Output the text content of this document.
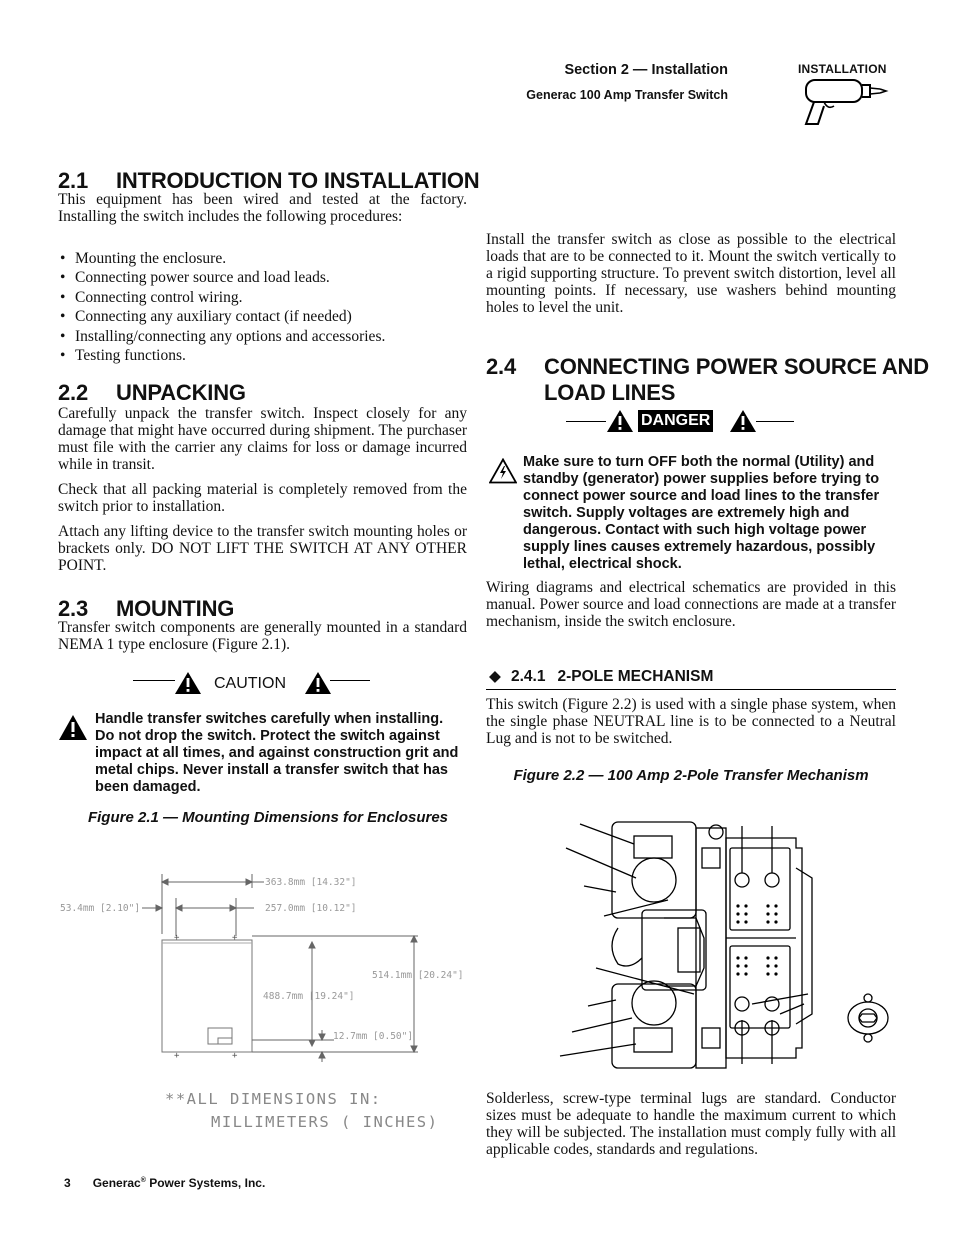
Section 2 — Installation
Generac 100 Amp Transfer Switch
INSTALLATION
2.1 INTRODUCTION TO INSTALLATION
This equipment has been wired and tested at the factory. Installing the switch includes the following procedures:
• Mounting the enclosure.
• Connecting power source and load leads.
• Connecting control wiring.
• Connecting any auxiliary contact (if needed)
• Installing/connecting any options and accessories.
• Testing functions.
2.2 UNPACKING
Carefully unpack the transfer switch. Inspect closely for any damage that might have occurred during shipment. The purchaser must file with the carrier any claims for loss or damage incurred while in transit.
Check that all packing material is completely removed from the switch prior to installation.
Attach any lifting device to the transfer switch mounting holes or brackets only. DO NOT LIFT THE SWITCH AT ANY OTHER POINT.
2.3 MOUNTING
Transfer switch components are generally mounted in a standard NEMA 1 type enclosure (Figure 2.1).
CAUTION
Handle transfer switches carefully when installing. Do not drop the switch. Protect the switch against impact at all times, and against construction grit and metal chips. Never install a transfer switch that has been damaged.
Figure 2.1 — Mounting Dimensions for Enclosures
+	+
+	+
363.8mm [14.32"]
257.0mm [10.12"]
53.4mm [2.10"]
514.1mm [20.24"]
488.7mm [19.24"]
12.7mm [0.50"]
**ALL DIMENSIONS IN:
MILLIMETERS ( INCHES)
3 Generac® Power Systems, Inc.
Install the transfer switch as close as possible to the electrical loads that are to be connected to it. Mount the switch vertically to a rigid supporting structure. To prevent switch distortion, level all mounting points. If necessary, use washers behind mounting holes to level the unit.
2.4 CONNECTING POWER SOURCE AND
LOAD LINES
DANGER
Make sure to turn OFF both the normal (Utility) and standby (generator) power supplies before trying to connect power source and load lines to the transfer switch. Supply voltages are extremely high and dangerous. Contact with such high voltage power supply lines causes extremely hazardous, possibly lethal, electrical shock.
Wiring diagrams and electrical schematics are provided in this manual. Power source and load connections are made at a transfer mechanism, inside the switch enclosure.
◆ 2.4.1 2-POLE MECHANISM
This switch (Figure 2.2) is used with a single phase system, when the single phase NEUTRAL line is to be connected to a Neutral Lug and is not to be switched.
Figure 2.2 — 100 Amp 2-Pole Transfer Mechanism
Solderless, screw-type terminal lugs are standard. Conductor sizes must be adequate to handle the maximum current to which they will be subjected. The installation must comply fully with all applicable codes, standards and regulations.
